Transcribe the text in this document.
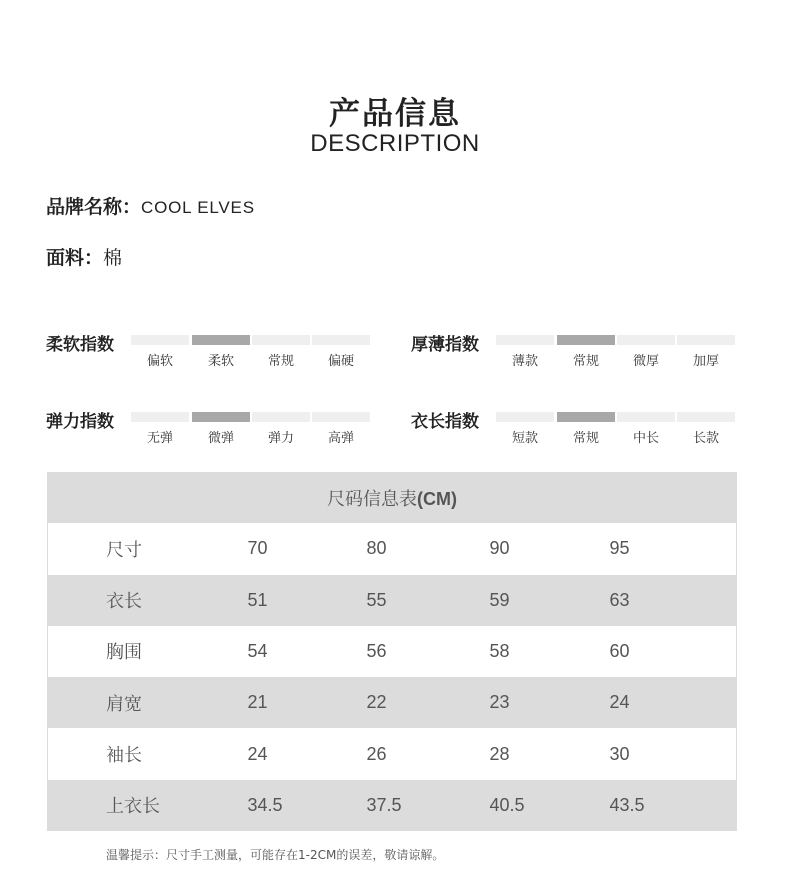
产品信息
DESCRIPTION
品牌名称：COOL ELVES
面料：棉
柔软指数
偏软	柔软	常规	偏硬
厚薄指数
薄款	常规	微厚	加厚
弹力指数
无弹	微弹	弹力	高弹
衣长指数
短款	常规	中长	长款
尺码信息表(CM)				
尺寸	70	80	90	95
衣长	51	55	59	63
胸围	54	56	58	60
肩宽	21	22	23	24
袖长	24	26	28	30
上衣长	34.5	37.5	40.5	43.5
温馨提示：尺寸手工测量，可能存在1-2CM的误差，敬请谅解。
